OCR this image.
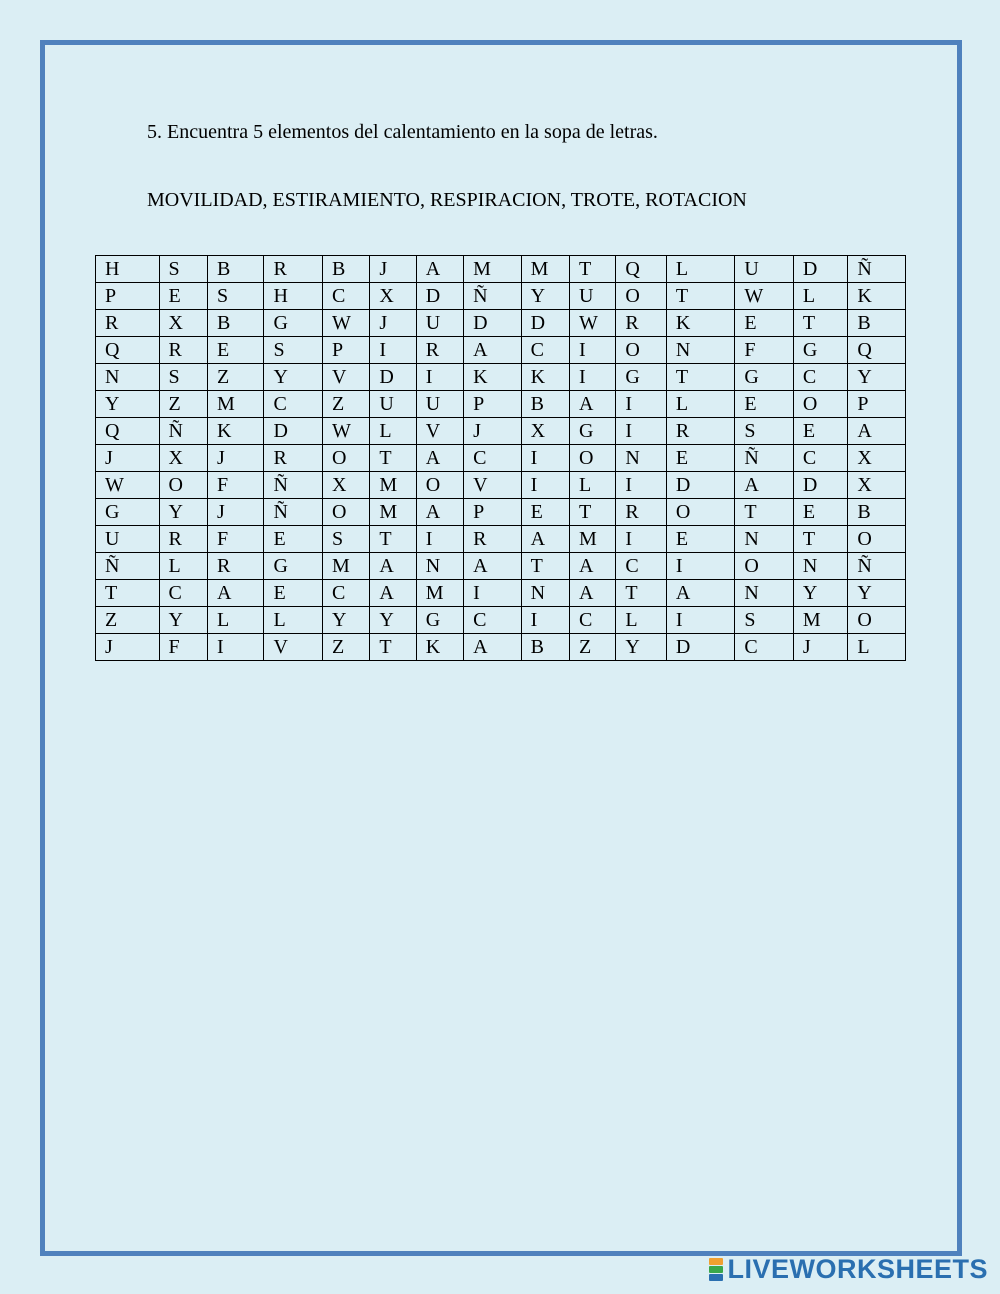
5. Encuentra 5 elementos del calentamiento en la sopa de letras.

MOVILIDAD, ESTIRAMIENTO, RESPIRACION, TROTE, ROTACION

H	S	B	R	B	J	A	M	M	T	Q	L	U	D	Ñ
P	E	S	H	C	X	D	Ñ	Y	U	O	T	W	L	K
R	X	B	G	W	J	U	D	D	W	R	K	E	T	B
Q	R	E	S	P	I	R	A	C	I	O	N	F	G	Q
N	S	Z	Y	V	D	I	K	K	I	G	T	G	C	Y
Y	Z	M	C	Z	U	U	P	B	A	I	L	E	O	P
Q	Ñ	K	D	W	L	V	J	X	G	I	R	S	E	A
J	X	J	R	O	T	A	C	I	O	N	E	Ñ	C	X
W	O	F	Ñ	X	M	O	V	I	L	I	D	A	D	X
G	Y	J	Ñ	O	M	A	P	E	T	R	O	T	E	B
U	R	F	E	S	T	I	R	A	M	I	E	N	T	O
Ñ	L	R	G	M	A	N	A	T	A	C	I	O	N	Ñ
T	C	A	E	C	A	M	I	N	A	T	A	N	Y	Y
Z	Y	L	L	Y	Y	G	C	I	C	L	I	S	M	O
J	F	I	V	Z	T	K	A	B	Z	Y	D	C	J	L
LIVEWORKSHEETS
